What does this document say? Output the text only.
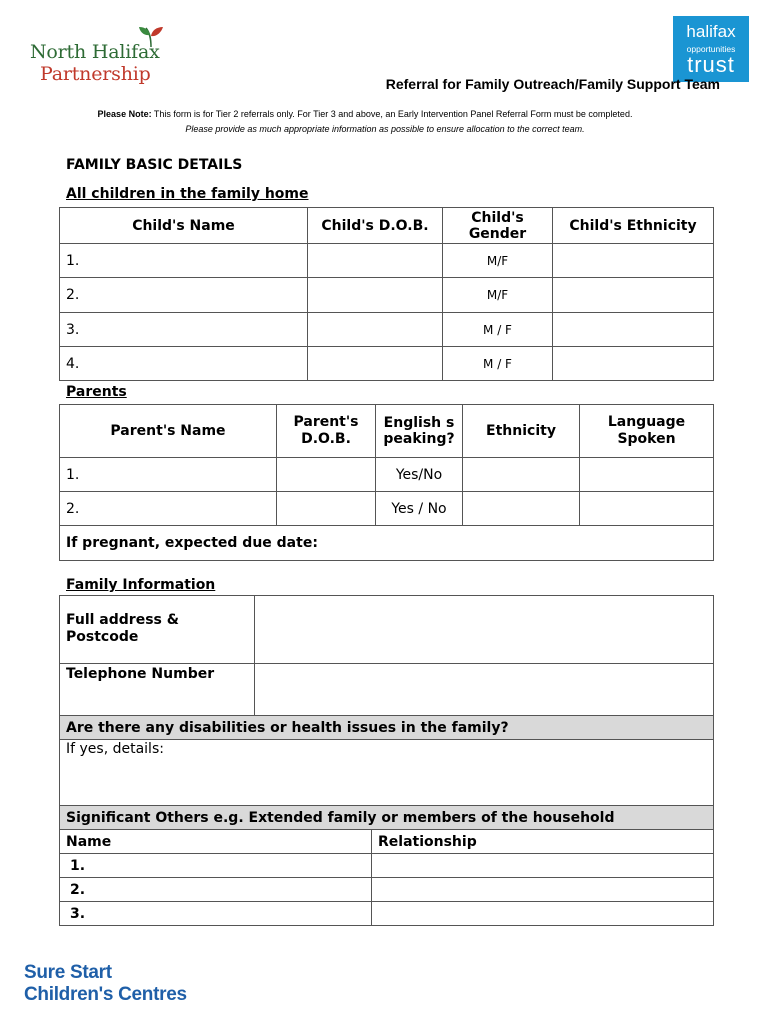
North Halifax
Partnership
halifax
opportunities
trust
Referral for Family Outreach/Family Support Team
Please Note: This form is for Tier 2 referrals only. For Tier 3 and above, an Early Intervention Panel Referral Form must be completed.
Please provide as much appropriate information as possible to ensure allocation to the correct team.
FAMILY BASIC DETAILS
All children in the family home
Child's Name	Child's D.O.B.	Child's Gender	Child's Ethnicity
1.		M/F	
2.		M/F	
3.		M / F	
4.		M / F	
Parents
Parent's Name	Parent's D.O.B.	English speaking?	Ethnicity	Language Spoken

1.		Yes/No		
2.		Yes / No		
If pregnant, expected due date:				
Family Information
Full address & Postcode		
Telephone Number		
Are there any disabilities or health issues in the family?		
If yes, details:		
Significant Others e.g. Extended family or members of the household		
Name		Relationship
1.		
2.		
3.		
Sure Start
Children's Centres
